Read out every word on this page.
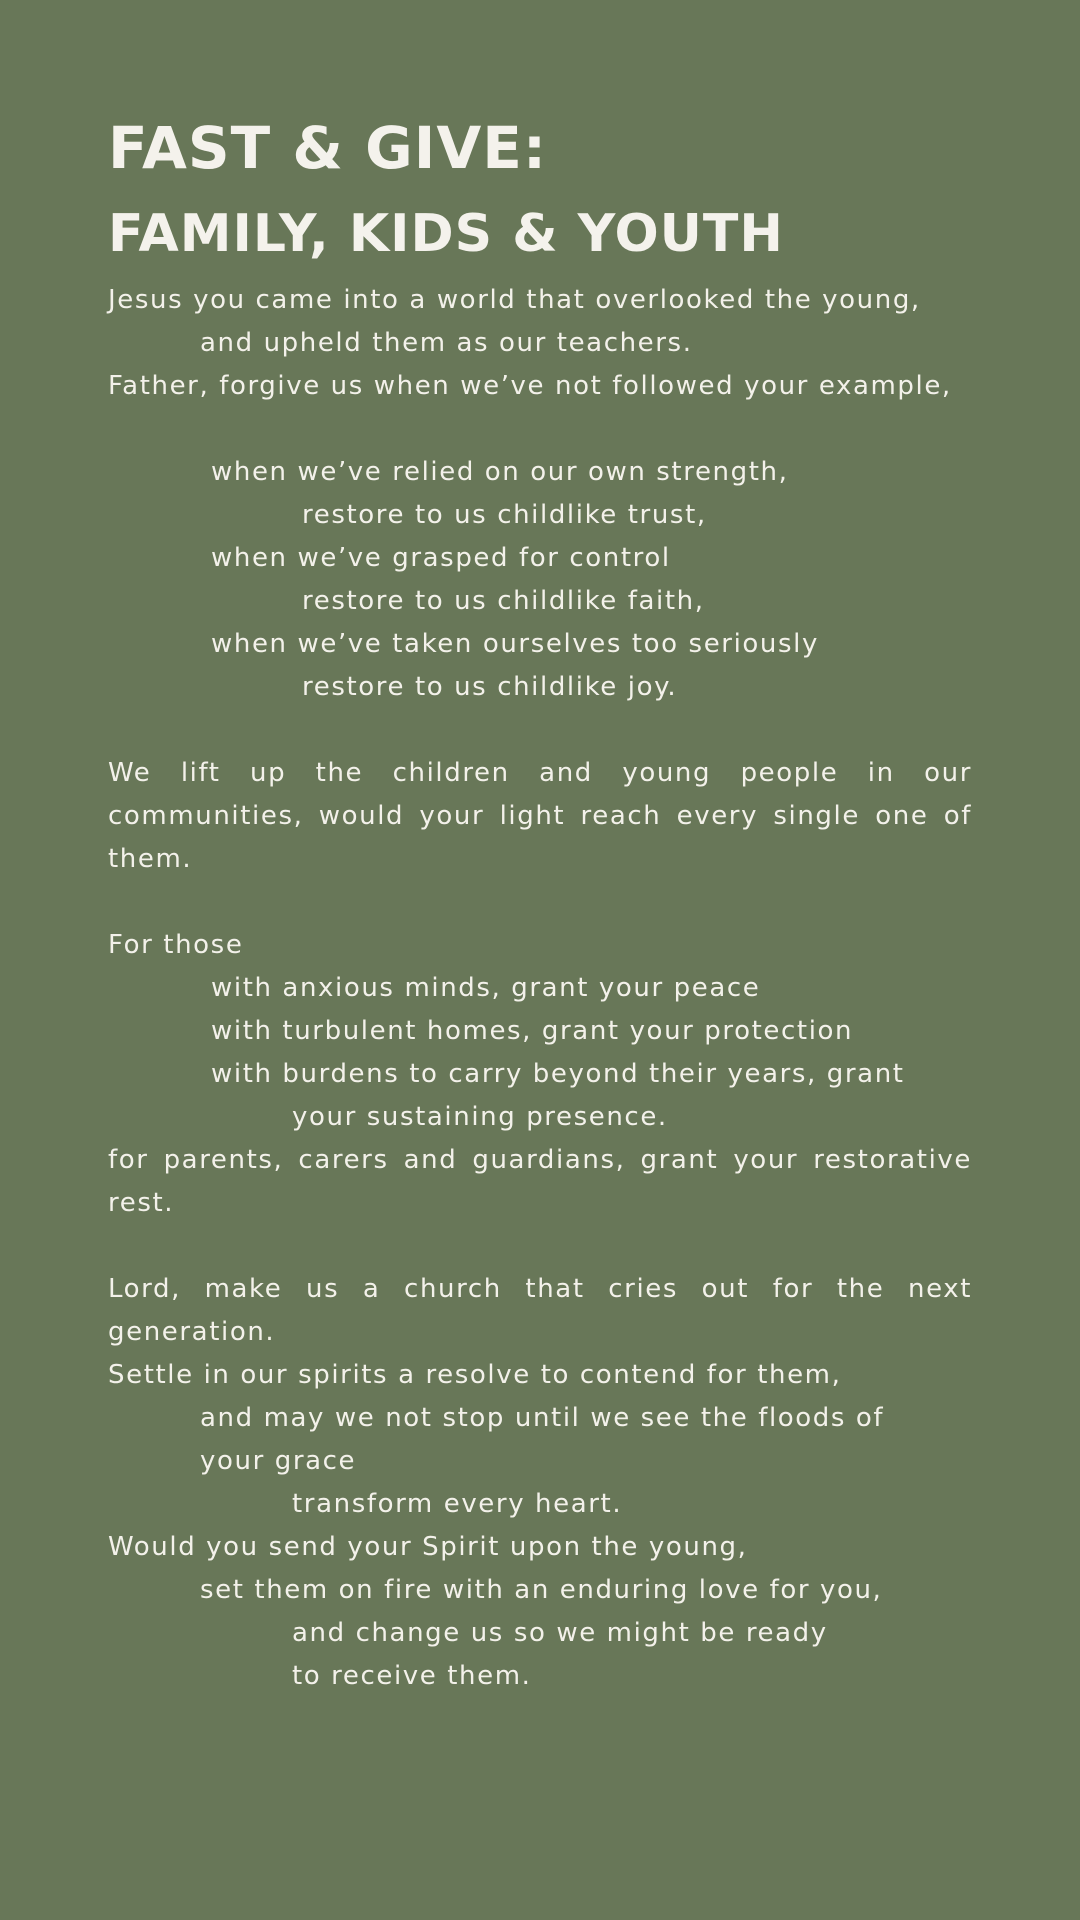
FAST & GIVE:
FAMILY, KIDS & YOUTH
Jesus you came into a world that overlooked the young,
and upheld them as our teachers.
Father, forgive us when we’ve not followed your example,
when we’ve relied on our own strength,
restore to us childlike trust,
when we’ve grasped for control
restore to us childlike faith,
when we’ve taken ourselves too seriously
restore to us childlike joy.
We lift up the children and young people in our communities, would your light reach every single one of them.
For those
with anxious minds, grant your peace
with turbulent homes, grant your protection
with burdens to carry beyond their years, grant
your sustaining presence.
for parents, carers and guardians, grant your restorative rest.
Lord, make us a church that cries out for the next generation.
Settle in our spirits a resolve to contend for them,
and may we not stop until we see the floods of
your grace
transform every heart.
Would you send your Spirit upon the young,
set them on fire with an enduring love for you,
and change us so we might be ready
to receive them.
